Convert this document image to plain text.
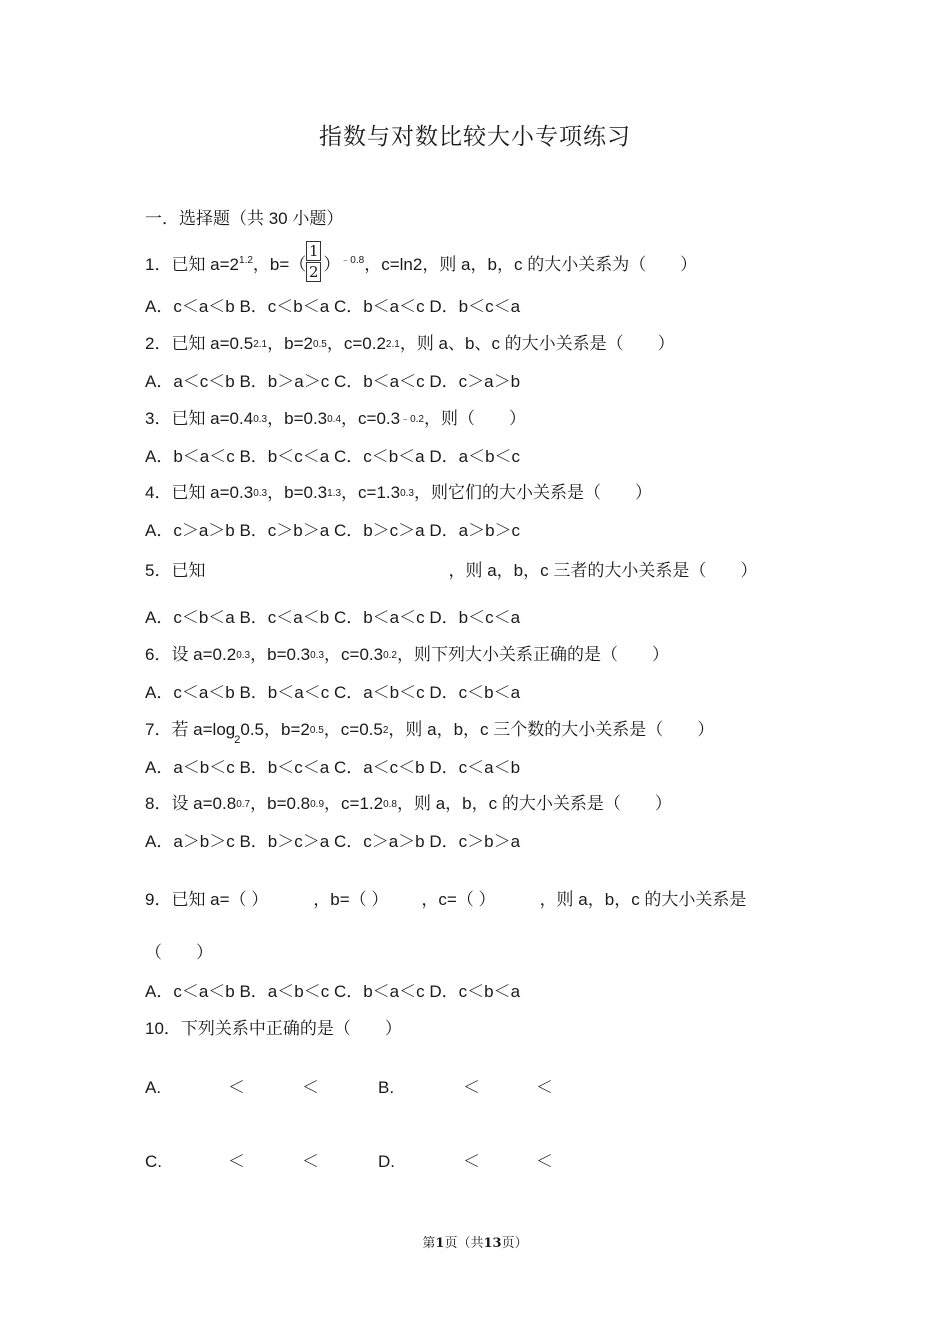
指数与对数比较大小专项练习
一．选择题（共 30 小题）
1．已知 $a=2^{1.2}$，$b=( \frac{1}{2} )^{﹣0.8}$，c=ln2，则 a，b，c 的大小关系为（　　）
A．c＜a＜b B．c＜b＜a C．b＜a＜c D．b＜c＜a
2．已知 $a=0.5^{2.1}$，$b=2^{0.5}$，$c=0.2^{2.1}$，则 a、b、c 的大小关系是（　　）
A．a＜c＜b B．b＞a＞c C．b＜a＜c D．c＞a＞b
3．已知 $a=0.4^{0.3}$，$b=0.3^{0.4}$，$c=0.3^{﹣0.2}$，则（　　）
A．b＜a＜c B．b＜c＜a C．c＜b＜a D．a＜b＜c
4．已知 $a=0.3^{0.3}$，$b=0.3^{1.3}$，$c=1.3^{0.3}$，则它们的大小关系是（　　）
A．c＞a＞b B．c＞b＞a C．b＞c＞a D．a＞b＞c
5．已知	，则 a，b，c 三者的大小关系是（　　）
A．c＜b＜a B．c＜a＜b C．b＜a＜c D．b＜c＜a
6．设 $a=0.2^{0.3}$，$b=0.3^{0.3}$，$c=0.3^{0.2}$，则下列大小关系正确的是（　　）
A．c＜a＜b B．b＜a＜c C．a＜b＜c D．c＜b＜a
7．若 $a=\log_20.5$，$b=2^{0.5}$，$c=0.5^2$，则 a，b，c 三个数的大小关系是（　　）
A．a＜b＜c B．b＜c＜a C．a＜c＜b D．c＜a＜b
8．设 $a=0.8^{0.7}$，$b=0.8^{0.9}$，$c=1.2^{0.8}$，则 a，b，c 的大小关系是（　　）
A．a＞b＞c B．b＞c＞a C．c＞a＞b D．c＞b＞a
9．已知 a=（ ）	，b=（ ） ，c=（ ）	，则 a，b，c 的大小关系是
（　　）
A．c＜a＜b B．a＜b＜c C．b＜a＜c D．c＜b＜a
10．下列关系中正确的是（　　）
A.	＜	＜	B.	＜	＜
C.	＜	＜	D.	＜	＜
第1页（共13页）
